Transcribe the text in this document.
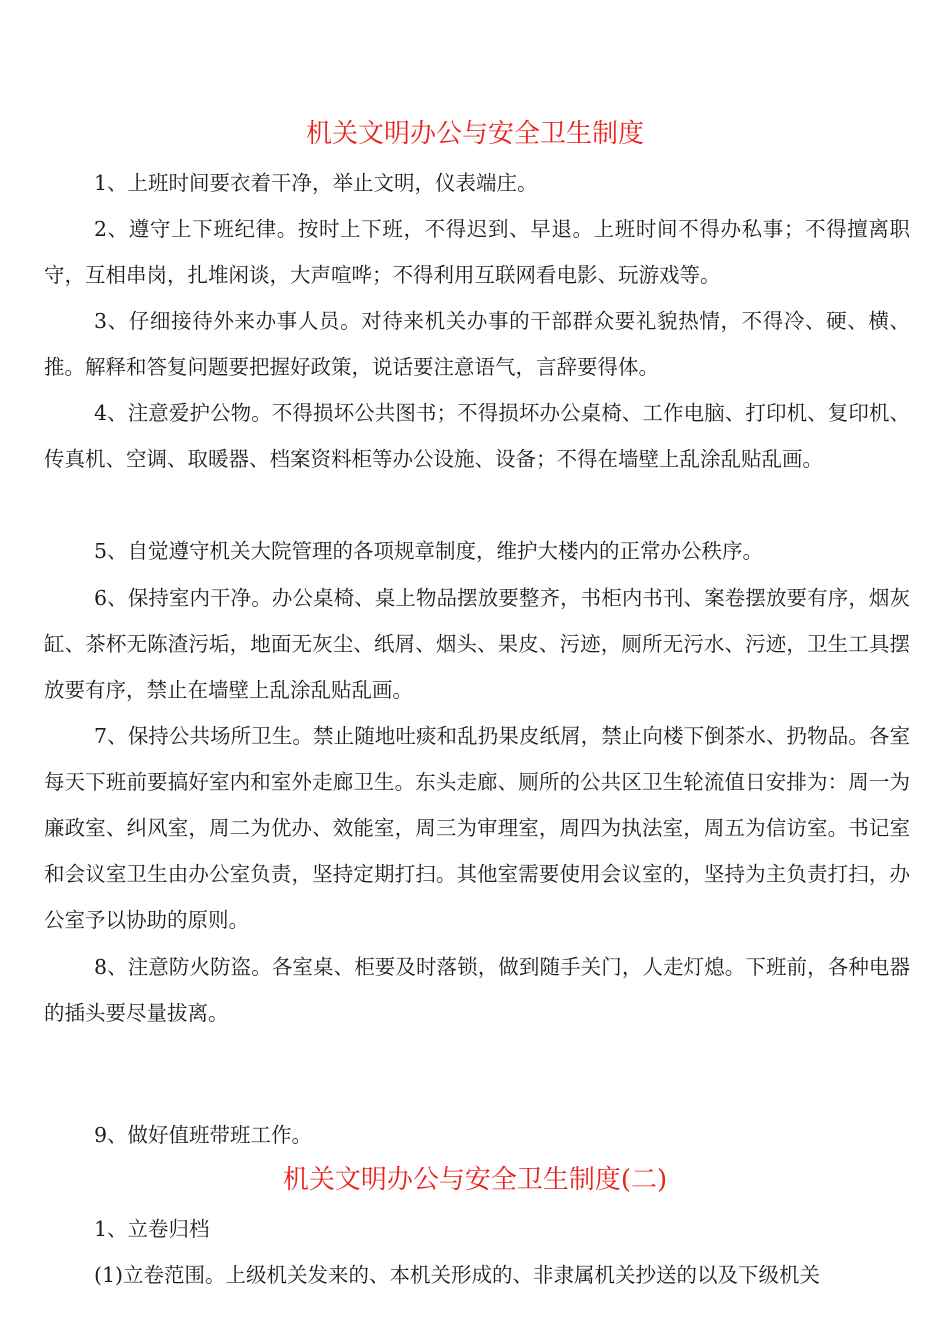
机关文明办公与安全卫生制度

1、上班时间要衣着干净，举止文明，仪表端庄。

2、遵守上下班纪律。按时上下班，不得迟到、早退。上班时间不得办私事；不得擅离职守，互相串岗，扎堆闲谈，大声喧哗；不得利用互联网看电影、玩游戏等。

3、仔细接待外来办事人员。对待来机关办事的干部群众要礼貌热情，不得冷、硬、横、推。解释和答复问题要把握好政策，说话要注意语气，言辞要得体。

4、注意爱护公物。不得损坏公共图书；不得损坏办公桌椅、工作电脑、打印机、复印机、传真机、空调、取暖器、档案资料柜等办公设施、设备；不得在墙壁上乱涂乱贴乱画。

5、自觉遵守机关大院管理的各项规章制度，维护大楼内的正常办公秩序。

6、保持室内干净。办公桌椅、桌上物品摆放要整齐，书柜内书刊、案卷摆放要有序，烟灰缸、茶杯无陈渣污垢，地面无灰尘、纸屑、烟头、果皮、污迹，厕所无污水、污迹，卫生工具摆放要有序，禁止在墙壁上乱涂乱贴乱画。

7、保持公共场所卫生。禁止随地吐痰和乱扔果皮纸屑，禁止向楼下倒茶水、扔物品。各室每天下班前要搞好室内和室外走廊卫生。东头走廊、厕所的公共区卫生轮流值日安排为：周一为廉政室、纠风室，周二为优办、效能室，周三为审理室，周四为执法室，周五为信访室。书记室和会议室卫生由办公室负责，坚持定期打扫。其他室需要使用会议室的，坚持为主负责打扫，办公室予以协助的原则。

8、注意防火防盗。各室桌、柜要及时落锁，做到随手关门，人走灯熄。下班前，各种电器的插头要尽量拔离。

9、做好值班带班工作。

机关文明办公与安全卫生制度(二)

1、立卷归档

(1)立卷范围。上级机关发来的、本机关形成的、非隶属机关抄送的以及下级机关
